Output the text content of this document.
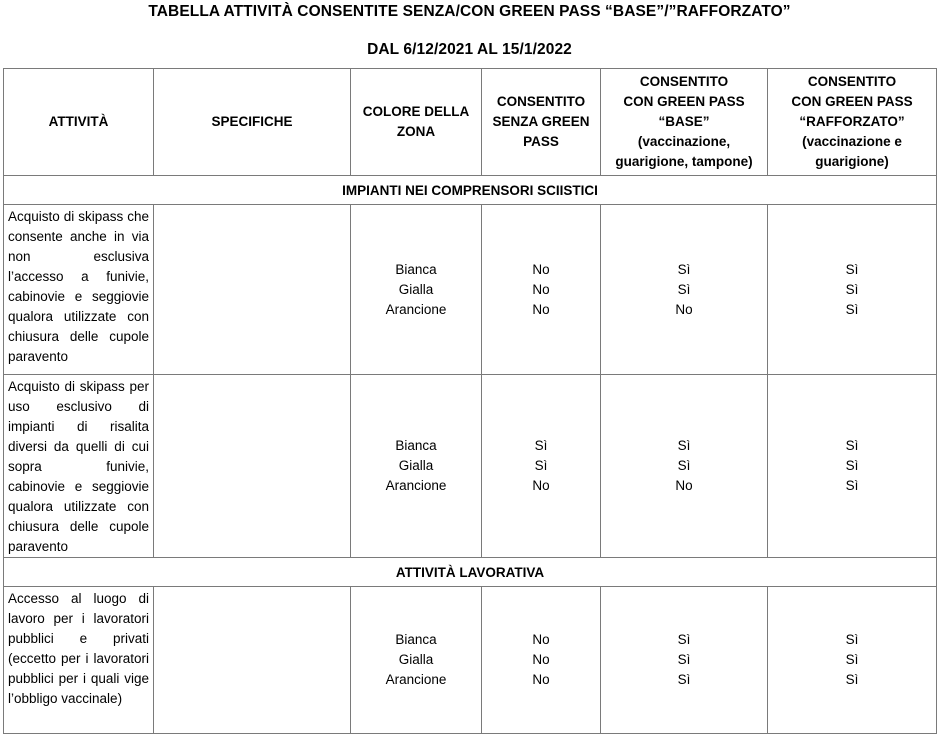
TABELLA ATTIVITÀ CONSENTITE SENZA/CON GREEN PASS “BASE”/”RAFFORZATO”
DAL 6/12/2021 AL 15/1/2022
ATTIVITÀ	SPECIFICHE	COLORE DELLA
ZONA	CONSENTITO
SENZA GREEN
PASS	CONSENTITO
CON GREEN PASS
“BASE”
(vaccinazione,
guarigione, tampone)	CONSENTITO
CON GREEN PASS
“RAFFORZATO”
(vaccinazione e
guarigione)

IMPIANTI NEI COMPRENSORI SCIISTICI					
Acquisto di skipass che consente anche in via non esclusiva l’accesso a funivie, cabinovie e seggiovie qualora utilizzate con chiusura delle cupole paravento		Bianca
Gialla
Arancione	No
No
No	Sì
Sì
No	Sì
Sì
Sì

Acquisto di skipass per uso esclusivo di impianti di risalita diversi da quelli di cui sopra funivie, cabinovie e seggiovie qualora utilizzate con chiusura delle cupole paravento		Bianca
Gialla
Arancione	Sì
Sì
No	Sì
Sì
No	Sì
Sì
Sì

ATTIVITÀ LAVORATIVA					
Accesso al luogo di lavoro per i lavoratori pubblici e privati (eccetto per i lavoratori pubblici per i quali vige l’obbligo vaccinale)		Bianca
Gialla
Arancione	No
No
No	Sì
Sì
Sì	Sì
Sì
Sì
